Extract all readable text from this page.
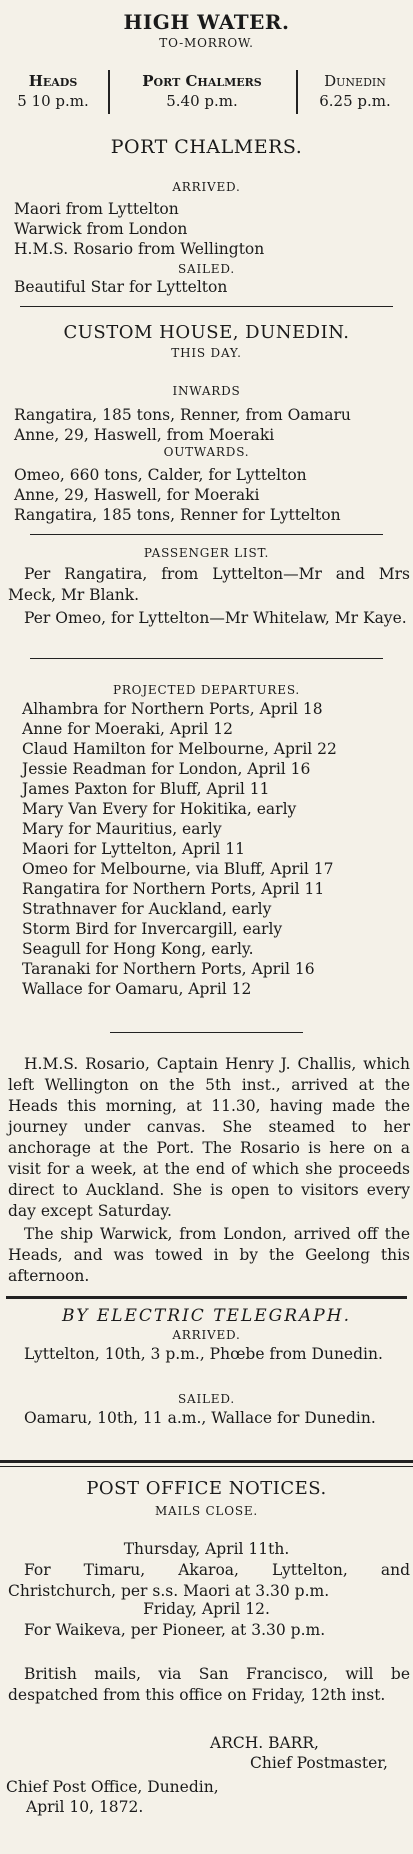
HIGH WATER.
TO-MORROW.
Heads
5 10 p.m.
Port Chalmers
5.40 p.m.
Dunedin
6.25 p.m.
PORT CHALMERS.
ARRIVED.
Maori from Lyttelton
Warwick from London
H.M.S. Rosario from Wellington
SAILED.
Beautiful Star for Lyttelton
CUSTOM HOUSE, DUNEDIN.
THIS DAY.
INWARDS
Rangatira, 185 tons, Renner, from Oamaru
Anne, 29, Haswell, from Moeraki
OUTWARDS.
Omeo, 660 tons, Calder, for Lyttelton
Anne, 29, Haswell, for Moeraki
Rangatira, 185 tons, Renner for Lyttelton
PASSENGER LIST.
Per Rangatira, from Lyttelton—Mr and Mrs Meck, Mr Blank.
Per Omeo, for Lyttelton—Mr Whitelaw, Mr Kaye.
PROJECTED DEPARTURES.
Alhambra for Northern Ports, April 18
Anne for Moeraki, April 12
Claud Hamilton for Melbourne, April 22
Jessie Readman for London, April 16
James Paxton for Bluff, April 11
Mary Van Every for Hokitika, early
Mary for Mauritius, early
Maori for Lyttelton, April 11
Omeo for Melbourne, via Bluff, April 17
Rangatira for Northern Ports, April 11
Strathnaver for Auckland, early
Storm Bird for Invercargill, early
Seagull for Hong Kong, early.
Taranaki for Northern Ports, April 16
Wallace for Oamaru, April 12
H.M.S. Rosario, Captain Henry J. Challis, which left Wellington on the 5th inst., arrived at the Heads this morning, at 11.30, having made the journey under canvas. She steamed to her anchorage at the Port. The Rosario is here on a visit for a week, at the end of which she proceeds direct to Auckland. She is open to visitors every day except Saturday.
The ship Warwick, from London, arrived off the Heads, and was towed in by the Geelong this afternoon.
BY ELECTRIC TELEGRAPH.
ARRIVED.
Lyttelton, 10th, 3 p.m., Phœbe from Dunedin.
SAILED.
Oamaru, 10th, 11 a.m., Wallace for Dunedin.
POST OFFICE NOTICES.
MAILS CLOSE.
Thursday, April 11th.
For Timaru, Akaroa, Lyttelton, and Christchurch, per s.s. Maori at 3.30 p.m.
Friday, April 12.
For Waikeva, per Pioneer, at 3.30 p.m.
British mails, via San Francisco, will be despatched from this office on Friday, 12th inst.
ARCH. BARR,
Chief Postmaster,
Chief Post Office, Dunedin,
April 10, 1872.
